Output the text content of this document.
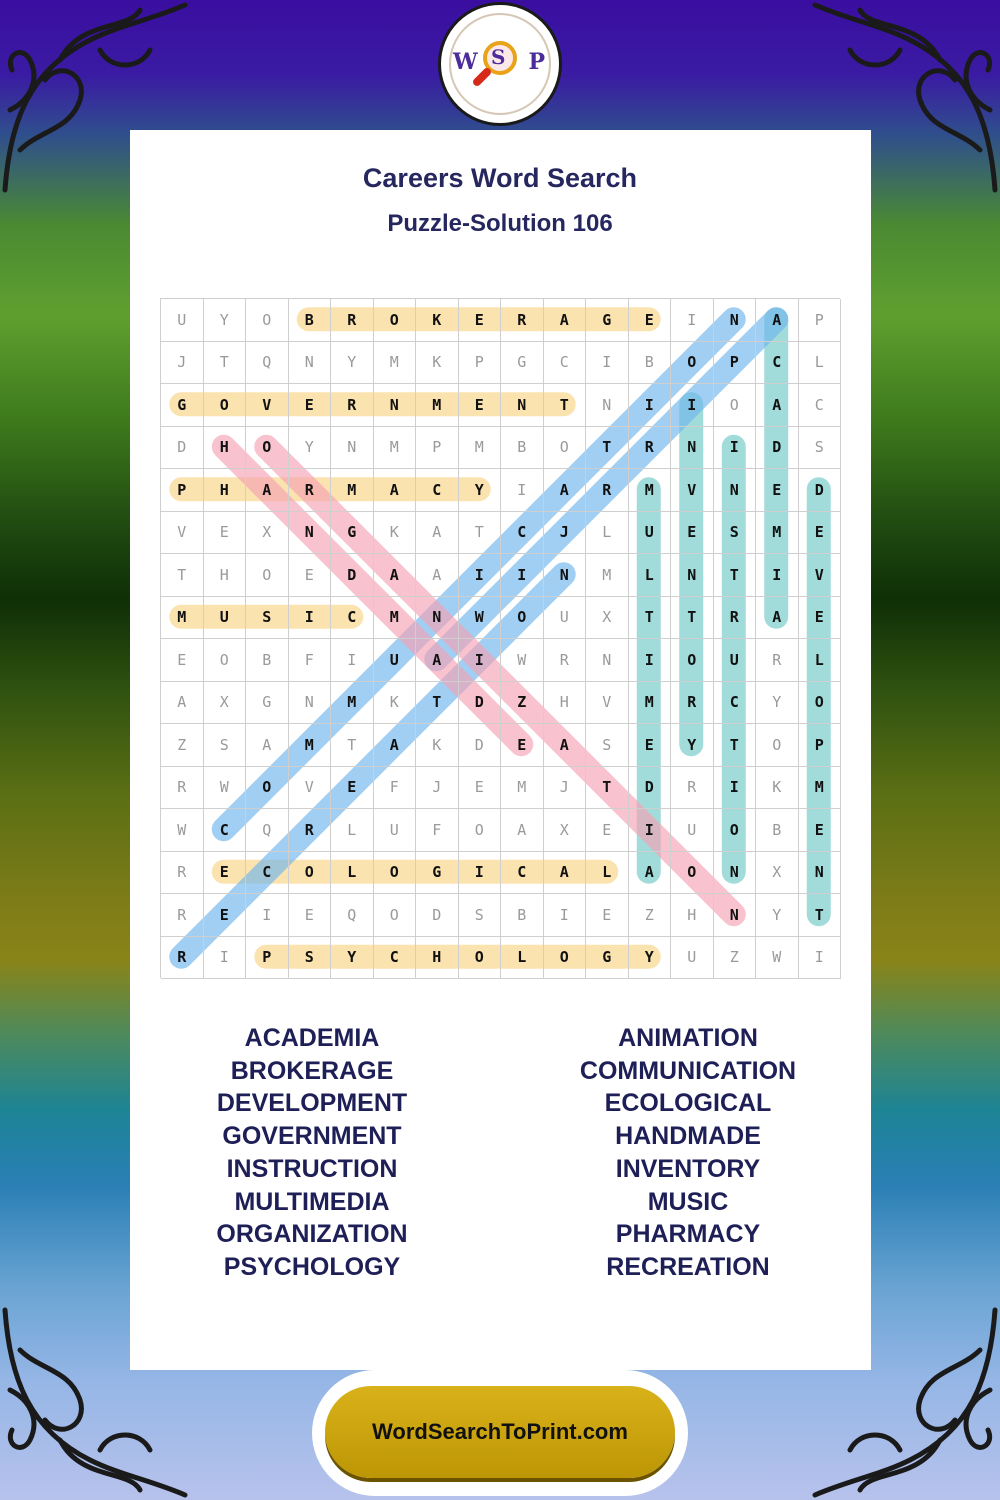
W S P
Careers Word Search
Puzzle-Solution 106
U	Y	O	B	R	O	K	E	R	A	G	E	I	N	A	P
J	T	Q	N	Y	M	K	P	G	C	I	B	O	P	C	L
G	O	V	E	R	N	M	E	N	T	N	I	I	O	A	C
D	H	O	Y	N	M	P	M	B	O	T	R	N	I	D	S
P	H	A	R	M	A	C	Y	I	A	R	M	V	N	E	D
V	E	X	N	G	K	A	T	C	J	L	U	E	S	M	E
T	H	O	E	D	A	A	I	I	N	M	L	N	T	I	V
M	U	S	I	C	M	N	W	O	U	X	T	T	R	A	E
E	O	B	F	I	U	A	I	W	R	N	I	O	U	R	L
A	X	G	N	M	K	T	D	Z	H	V	M	R	C	Y	O
Z	S	A	M	T	A	K	D	E	A	S	E	Y	T	O	P
R	W	O	V	E	F	J	E	M	J	T	D	R	I	K	M
W	C	Q	R	L	U	F	O	A	X	E	I	U	O	B	E
R	E	C	O	L	O	G	I	C	A	L	A	O	N	X	N
R	E	I	E	Q	O	D	S	B	I	E	Z	H	N	Y	T
R	I	P	S	Y	C	H	O	L	O	G	Y	U	Z	W	I
ACADEMIA
BROKERAGE
DEVELOPMENT
GOVERNMENT
INSTRUCTION
MULTIMEDIA
ORGANIZATION
PSYCHOLOGY
ANIMATION
COMMUNICATION
ECOLOGICAL
HANDMADE
INVENTORY
MUSIC
PHARMACY
RECREATION
WordSearchToPrint.com
